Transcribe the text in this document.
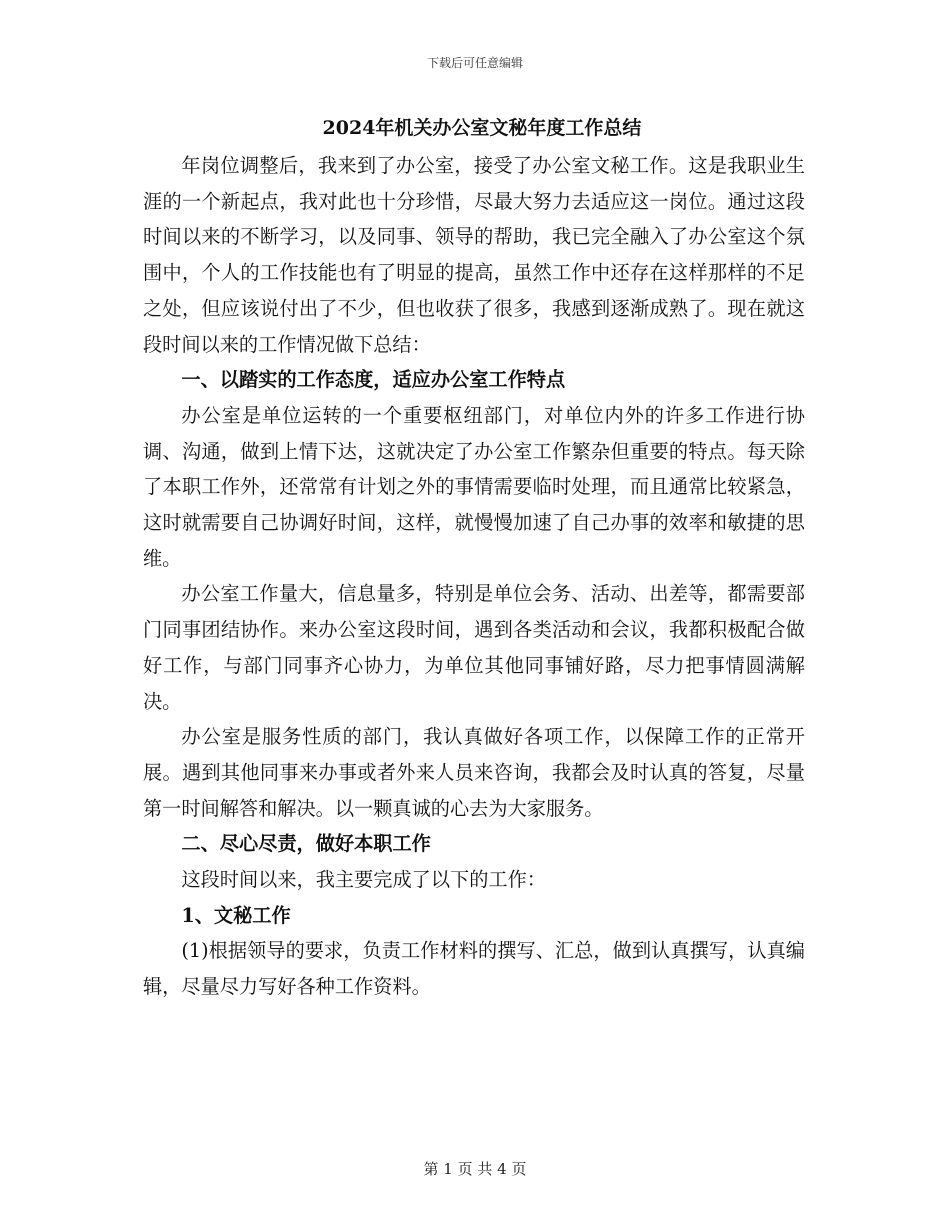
下载后可任意编辑
2024年机关办公室文秘年度工作总结

年岗位调整后，我来到了办公室，接受了办公室文秘工作。这是我职业生涯的一个新起点，我对此也十分珍惜，尽最大努力去适应这一岗位。通过这段时间以来的不断学习，以及同事、领导的帮助，我已完全融入了办公室这个氛围中，个人的工作技能也有了明显的提高，虽然工作中还存在这样那样的不足之处，但应该说付出了不少，但也收获了很多，我感到逐渐成熟了。现在就这段时间以来的工作情况做下总结：

一、以踏实的工作态度，适应办公室工作特点

办公室是单位运转的一个重要枢纽部门，对单位内外的许多工作进行协调、沟通，做到上情下达，这就决定了办公室工作繁杂但重要的特点。每天除了本职工作外，还常常有计划之外的事情需要临时处理，而且通常比较紧急，这时就需要自己协调好时间，这样，就慢慢加速了自己办事的效率和敏捷的思维。

办公室工作量大，信息量多，特别是单位会务、活动、出差等，都需要部门同事团结协作。来办公室这段时间，遇到各类活动和会议，我都积极配合做好工作，与部门同事齐心协力，为单位其他同事铺好路，尽力把事情圆满解决。

办公室是服务性质的部门，我认真做好各项工作，以保障工作的正常开展。遇到其他同事来办事或者外来人员来咨询，我都会及时认真的答复，尽量第一时间解答和解决。以一颗真诚的心去为大家服务。

二、尽心尽责，做好本职工作

这段时间以来，我主要完成了以下的工作：

1、文秘工作

(1)根据领导的要求，负责工作材料的撰写、汇总，做到认真撰写，认真编辑，尽量尽力写好各种工作资料。

第 1 页 共 4 页
